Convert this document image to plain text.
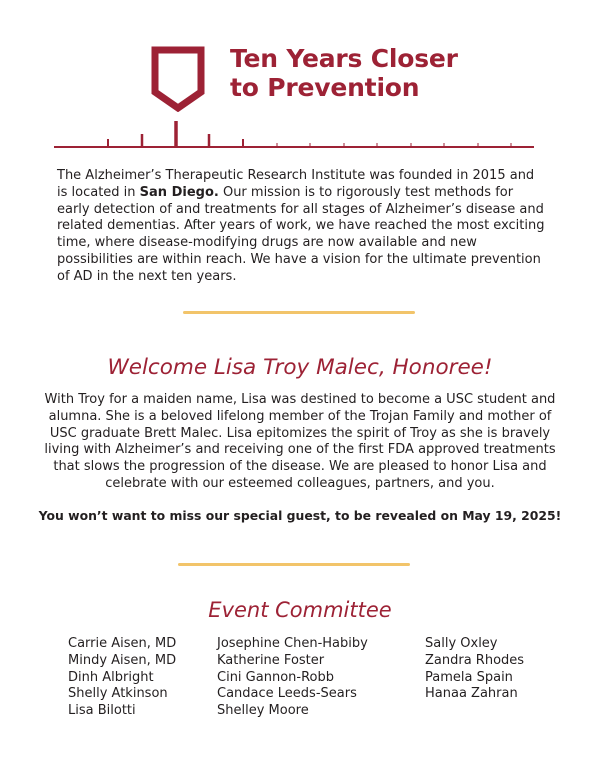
Ten Years Closer
to Prevention

The Alzheimer’s Therapeutic Research Institute was founded in 2015 and is located in San Diego. Our mission is to rigorously test methods for early detection of and treatments for all stages of Alzheimer’s disease and related dementias. After years of work, we have reached the most exciting time, where disease-modifying drugs are now available and new possibilities are within reach. We have a vision for the ultimate prevention of AD in the next ten years.

Welcome Lisa Troy Malec, Honoree!

With Troy for a maiden name, Lisa was destined to become a USC student and alumna. She is a beloved lifelong member of the Trojan Family and mother of USC graduate Brett Malec. Lisa epitomizes the spirit of Troy as she is bravely living with Alzheimer’s and receiving one of the first FDA approved treatments that slows the progression of the disease. We are pleased to honor Lisa and celebrate with our esteemed colleagues, partners, and you.

You won’t want to miss our special guest, to be revealed on May 19, 2025!

Event Committee
Carrie Aisen, MD
Mindy Aisen, MD
Dinh Albright
Shelly Atkinson
Lisa Bilotti
Josephine Chen-Habiby
Katherine Foster
Cini Gannon-Robb
Candace Leeds-Sears
Shelley Moore
Sally Oxley
Zandra Rhodes
Pamela Spain
Hanaa Zahran
